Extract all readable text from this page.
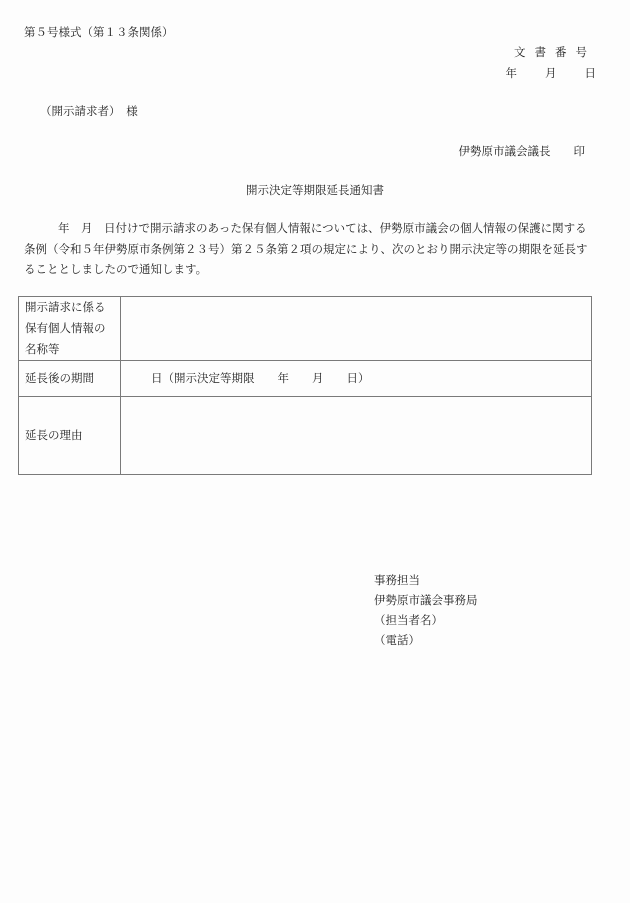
第５号様式（第１３条関係）
文書番号
年 月 日
（開示請求者）　様
伊勢原市議会議長　　印
開示決定等期限延長通知書
年　月　日付けで開示請求のあった保有個人情報については、伊勢原市議会の個人情報の保護に関する条例（令和５年伊勢原市条例第２３号）第２５条第２項の規定により、次のとおり開示決定等の期限を延長することとしましたので通知します。
開示請求に係る保有個人情報の名称等	
延長後の期間	日（開示決定等期限　　年　　月　　日）
延長の理由	
事務担当
伊勢原市議会事務局
（担当者名）
（電話）
